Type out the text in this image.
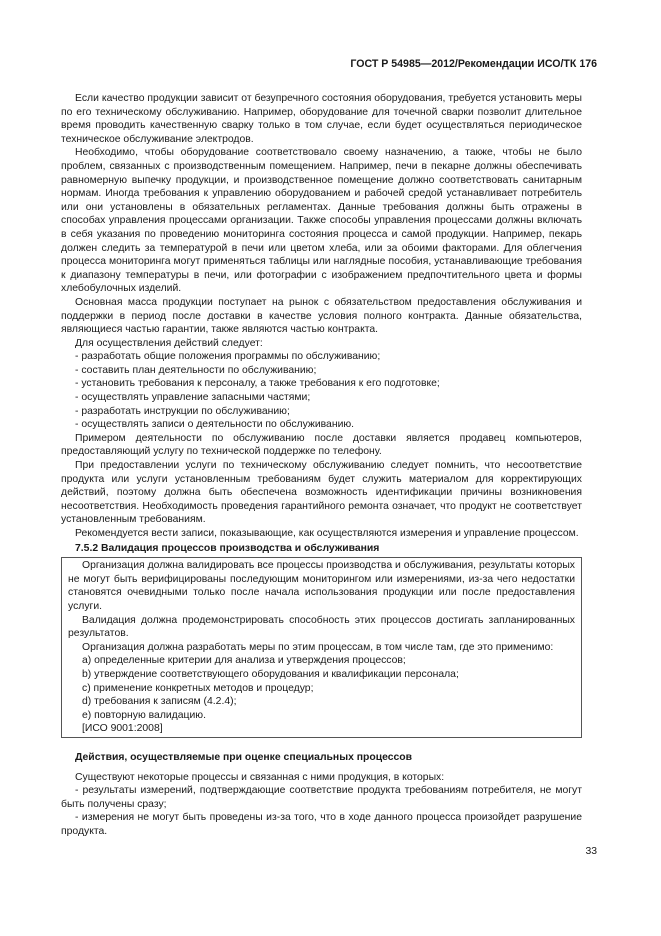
ГОСТ Р 54985—2012/Рекомендации ИСО/ТК 176

Если качество продукции зависит от безупречного состояния оборудования, требуется установить меры по его техническому обслуживанию. Например, оборудование для точечной сварки позволит длительное время проводить качественную сварку только в том случае, если будет осуществляться периодическое техническое обслуживание электродов.

Необходимо, чтобы оборудование соответствовало своему назначению, а также, чтобы не было проблем, связанных с производственным помещением. Например, печи в пекарне должны обеспечивать равномерную выпечку продукции, и производственное помещение должно соответствовать санитарным нормам. Иногда требования к управлению оборудованием и рабочей средой устанавливает потребитель или они установлены в обязательных регламентах. Данные требования должны быть отражены в способах управления процессами организации. Также способы управления процессами должны включать в себя указания по проведению мониторинга состояния процесса и самой продукции. Например, пекарь должен следить за температурой в печи или цветом хлеба, или за обоими факторами. Для облегчения процесса мониторинга могут применяться таблицы или наглядные пособия, устанавливающие требования к диапазону температуры в печи, или фотографии с изображением предпочтительного цвета и формы хлебобулочных изделий.

Основная масса продукции поступает на рынок с обязательством предоставления обслуживания и поддержки в период после доставки в качестве условия полного контракта. Данные обязательства, являющиеся частью гарантии, также являются частью контракта.

Для осуществления действий следует:

- разработать общие положения программы по обслуживанию;
- составить план деятельности по обслуживанию;
- установить требования к персоналу, а также требования к его подготовке;
- осуществлять управление запасными частями;
- разработать инструкции по обслуживанию;
- осуществлять записи о деятельности по обслуживанию.

Примером деятельности по обслуживанию после доставки является продавец компьютеров, предоставляющий услугу по технической поддержке по телефону.

При предоставлении услуги по техническому обслуживанию следует помнить, что несоответствие продукта или услуги установленным требованиям будет служить материалом для корректирующих действий, поэтому должна быть обеспечена возможность идентификации причины возникновения несоответствия. Необходимость проведения гарантийного ремонта означает, что продукт не соответствует установленным требованиям.

Рекомендуется вести записи, показывающие, как осуществляются измерения и управление процессом.

7.5.2 Валидация процессов производства и обслуживания

Организация должна валидировать все процессы производства и обслуживания, результаты которых не могут быть верифицированы последующим мониторингом или измерениями, из-за чего недостатки становятся очевидными только после начала использования продукции или после предоставления услуги.

Валидация должна продемонстрировать способность этих процессов достигать запланированных результатов.

Организация должна разработать меры по этим процессам, в том числе там, где это применимо:

a) определенные критерии для анализа и утверждения процессов;
b) утверждение соответствующего оборудования и квалификации персонала;
c) применение конкретных методов и процедур;
d) требования к записям (4.2.4);
e) повторную валидацию.
[ИСО 9001:2008]

Действия, осуществляемые при оценке специальных процессов

Существуют некоторые процессы и связанная с ними продукция, в которых:

- результаты измерений, подтверждающие соответствие продукта требованиям потребителя, не могут быть получены сразу;

- измерения не могут быть проведены из-за того, что в ходе данного процесса произойдет разрушение продукта.

33
